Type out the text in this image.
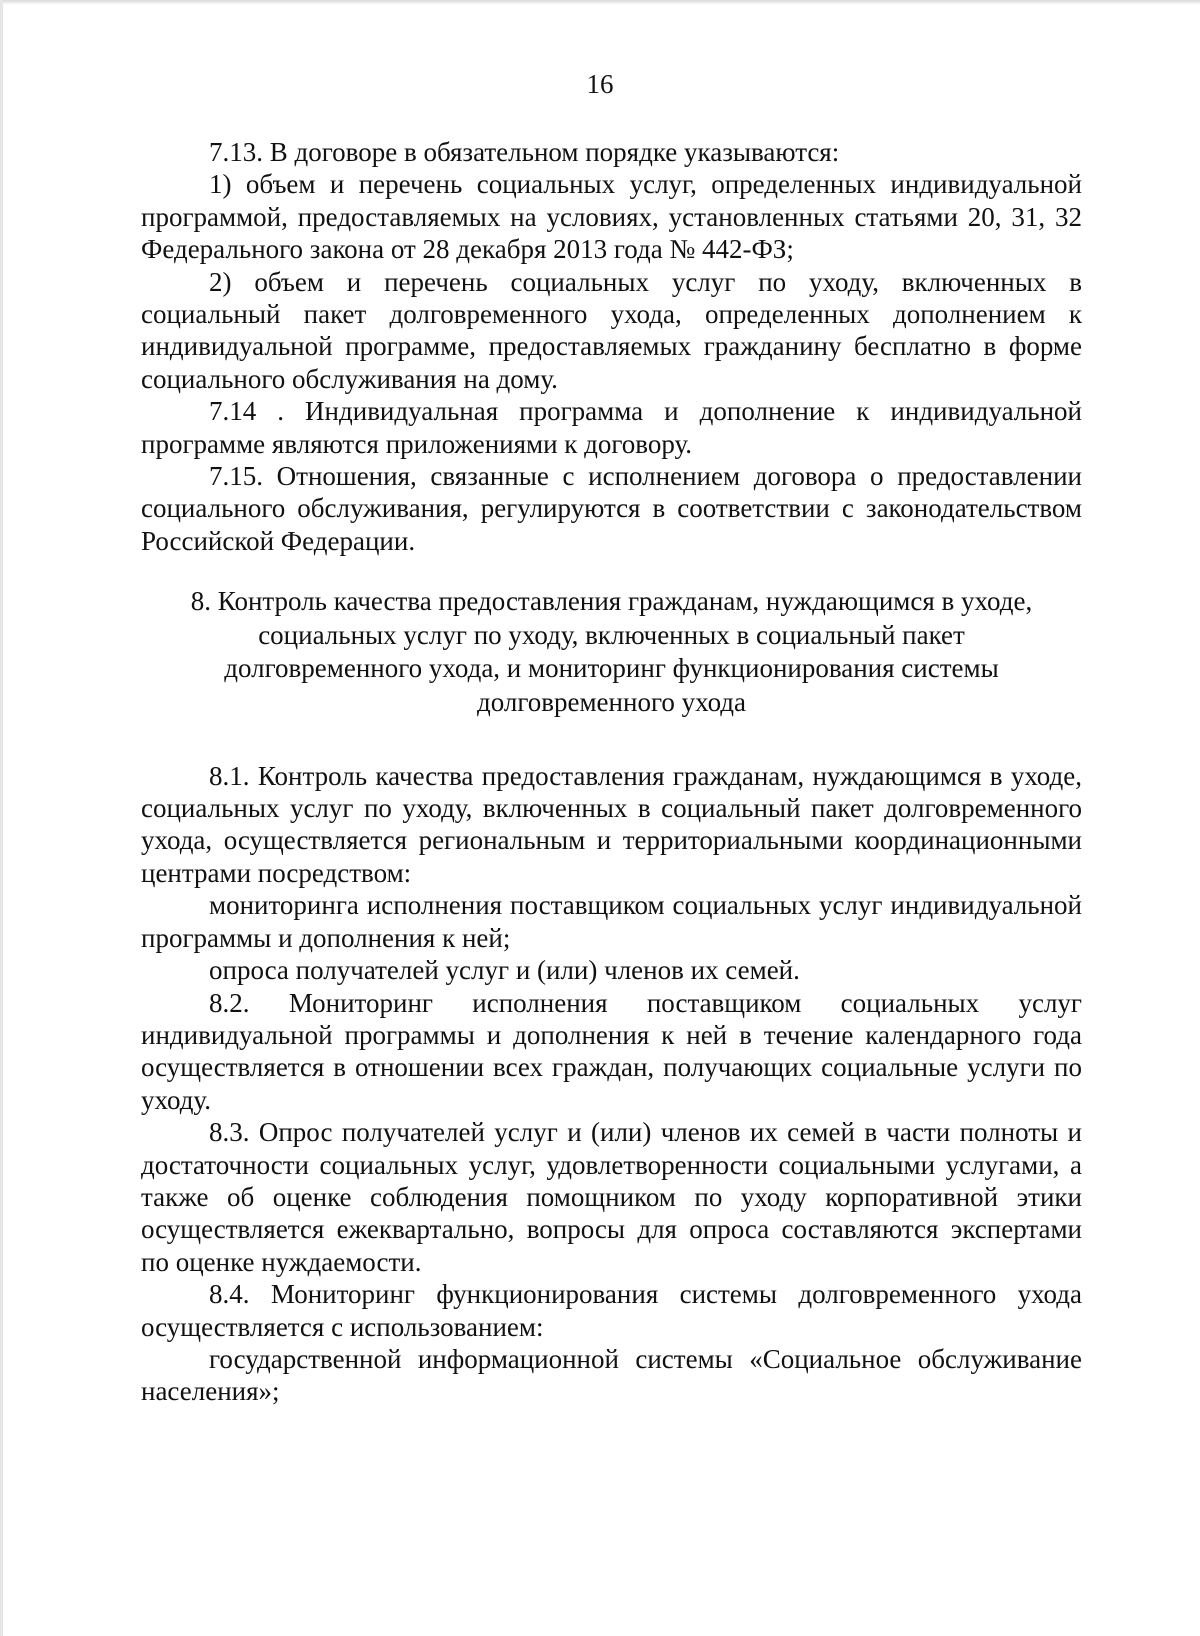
16

7.13. В договоре в обязательном порядке указываются:

1) объем и перечень социальных услуг, определенных индивидуальной программой, предоставляемых на условиях, установленных статьями 20, 31, 32 Федерального закона от 28 декабря 2013 года № 442-ФЗ;

2) объем и перечень социальных услуг по уходу, включенных в социальный пакет долговременного ухода, определенных дополнением к индивидуальной программе, предоставляемых гражданину бесплатно в форме социального обслуживания на дому.

7.14 . Индивидуальная программа и дополнение к индивидуальной программе являются приложениями к договору.

7.15. Отношения, связанные с исполнением договора о предоставлении социального обслуживания, регулируются в соответствии с законодательством Российской Федерации.

8. Контроль качества предоставления гражданам, нуждающимся в уходе,
социальных услуг по уходу, включенных в социальный пакет
долговременного ухода, и мониторинг функционирования системы
долговременного ухода

8.1. Контроль качества предоставления гражданам, нуждающимся в уходе, социальных услуг по уходу, включенных в социальный пакет долговременного ухода, осуществляется региональным и территориальными координационными центрами посредством:

мониторинга исполнения поставщиком социальных услуг индивидуальной программы и дополнения к ней;

опроса получателей услуг и (или) членов их семей.

8.2. Мониторинг исполнения поставщиком социальных услуг индивидуальной программы и дополнения к ней в течение календарного года осуществляется в отношении всех граждан, получающих социальные услуги по уходу.

8.3. Опрос получателей услуг и (или) членов их семей в части полноты и достаточности социальных услуг, удовлетворенности социальными услугами, а также об оценке соблюдения помощником по уходу корпоративной этики осуществляется ежеквартально, вопросы для опроса составляются экспертами по оценке нуждаемости.

8.4. Мониторинг функционирования системы долговременного ухода осуществляется с использованием:

государственной информационной системы «Социальное обслуживание населения»;
